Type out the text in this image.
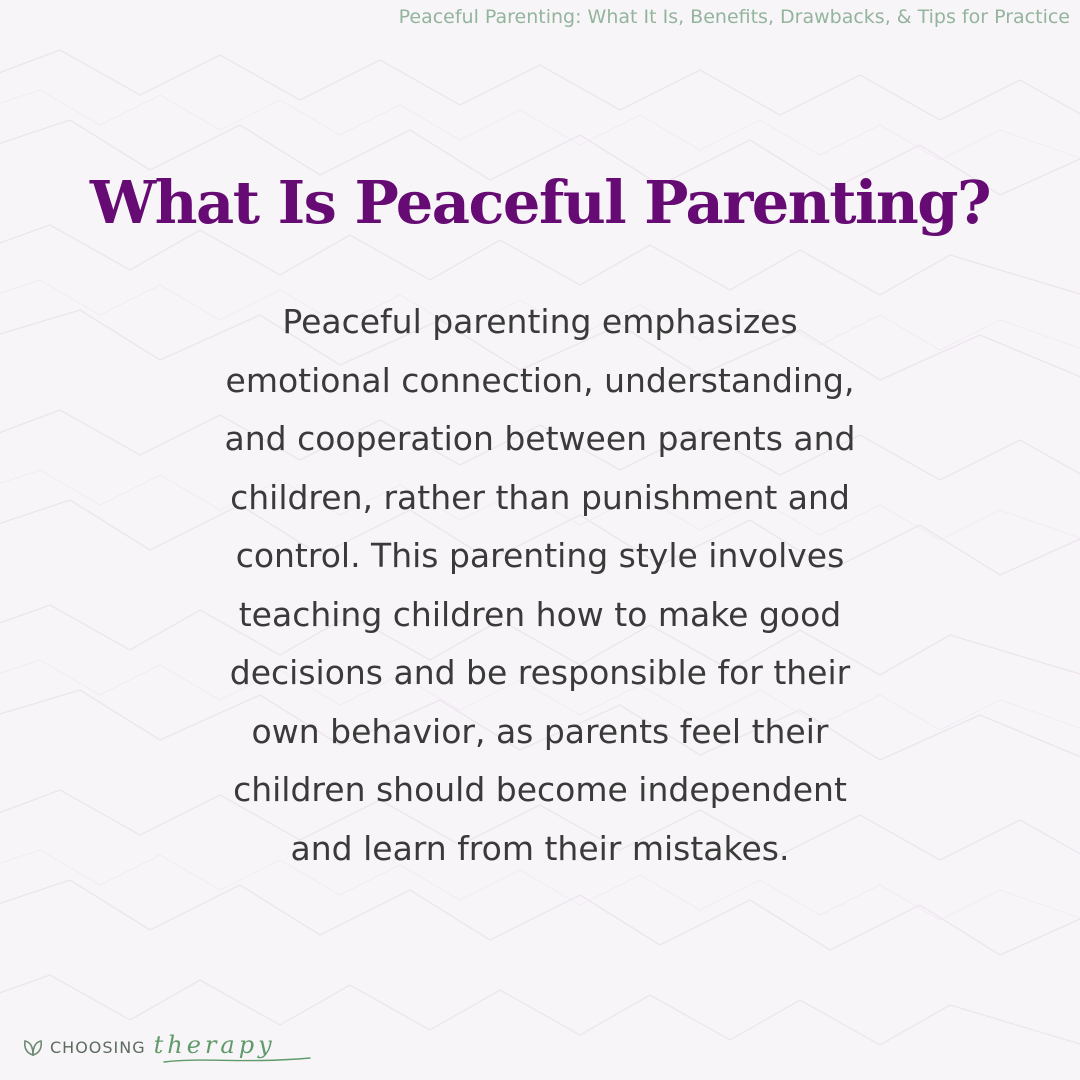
Peaceful Parenting: What It Is, Benefits, Drawbacks, & Tips for Practice
What Is Peaceful Parenting?

Peaceful parenting emphasizes
emotional connection, understanding,
and cooperation between parents and
children, rather than punishment and
control. This parenting style involves
teaching children how to make good
decisions and be responsible for their
own behavior, as parents feel their
children should become independent
and learn from their mistakes.

CHOOSING therapy
